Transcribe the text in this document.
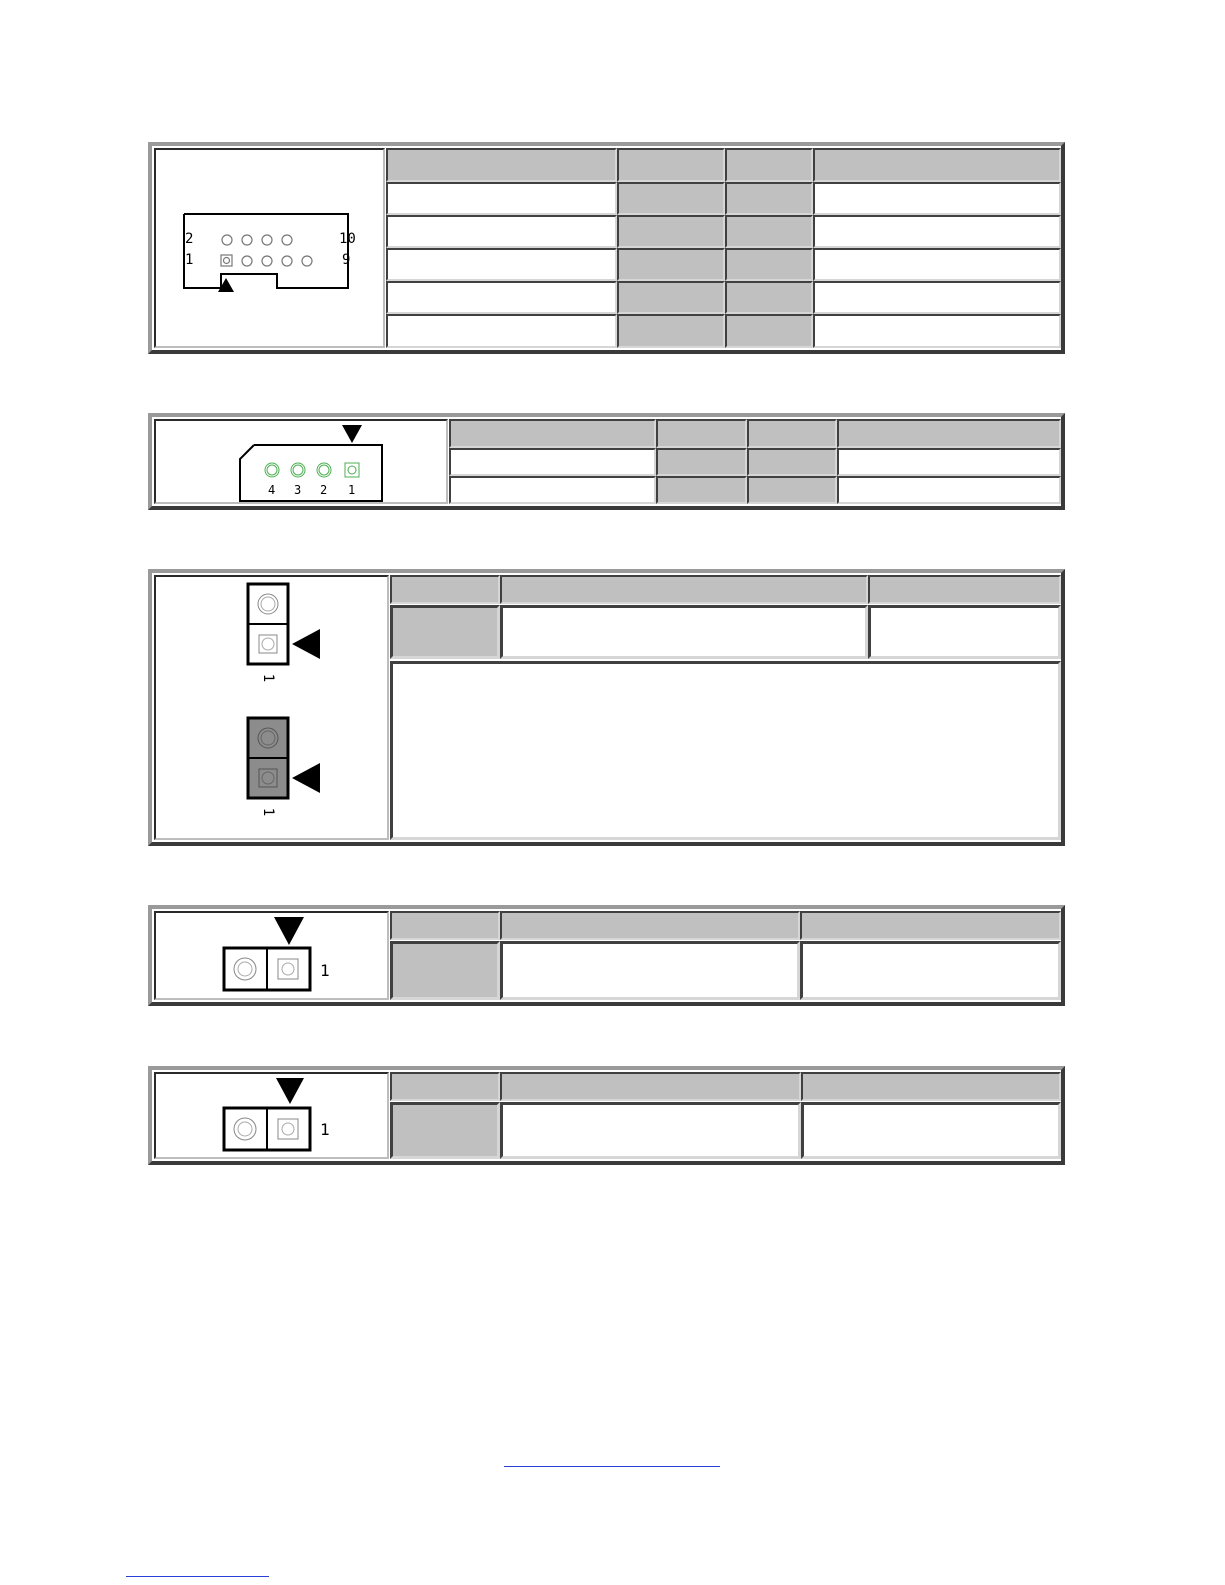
2
1
10
9
4 3 2 1
1
1
1
1
